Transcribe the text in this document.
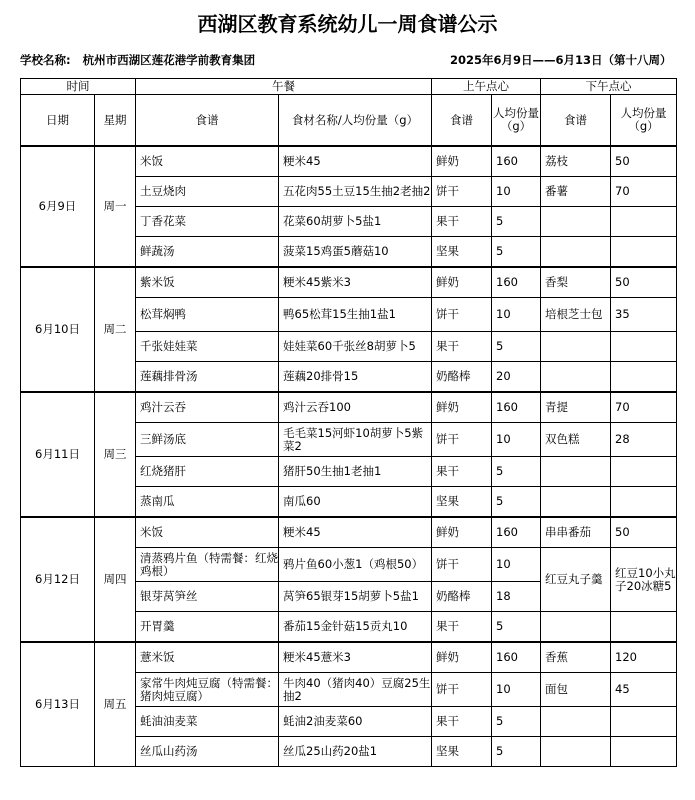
西湖区教育系统幼儿一周食谱公示
学校名称: 杭州市西湖区莲花港学前教育集团	2025年6月9日——6月13日（第十八周）
时间		午餐		上午点心		下午点心	
日期	星期	食谱	食材名称/人均份量（g）	食谱	人均份量（g）	食谱	人均份量（g）
6月9日	周一	米饭	粳米45	鲜奶	160	荔枝	50
		土豆烧肉	五花肉55土豆15生抽2老抽2	饼干	10	番薯	70
		丁香花菜	花菜60胡萝卜5盐1	果干	5		
		鲜蔬汤	菠菜15鸡蛋5蘑菇10	坚果	5		
6月10日	周二	紫米饭	粳米45紫米3	鲜奶	160	香梨	50
		松茸焖鸭	鸭65松茸15生抽1盐1	饼干	10	培根芝士包	35
		千张娃娃菜	娃娃菜60千张丝8胡萝卜5	果干	5		
		莲藕排骨汤	莲藕20排骨15	奶酪棒	20		
6月11日	周三	鸡汁云吞	鸡汁云吞100	鲜奶	160	青提	70
		三鲜汤底	毛毛菜15河虾10胡萝卜5紫菜2	饼干	10	双色糕	28
		红烧猪肝	猪肝50生抽1老抽1	果干	5		
		蒸南瓜	南瓜60	坚果	5		
6月12日	周四	米饭	粳米45	鲜奶	160	串串番茄	50
		清蒸鸦片鱼（特需餐：红烧鸡根）	鸦片鱼60小葱1（鸡根50）	饼干	10	红豆丸子羹	红豆10小丸子20冰糖5
		银芽莴笋丝	莴笋65银芽15胡萝卜5盐1	奶酪棒	18		
		开胃羹	番茄15金针菇15贡丸10	果干	5		
6月13日	周五	薏米饭	粳米45薏米3	鲜奶	160	香蕉	120
		家常牛肉炖豆腐（特需餐：猪肉炖豆腐）	牛肉40（猪肉40）豆腐25生抽2	饼干	10	面包	45
		蚝油油麦菜	蚝油2油麦菜60	果干	5		
		丝瓜山药汤	丝瓜25山药20盐1	坚果	5		
